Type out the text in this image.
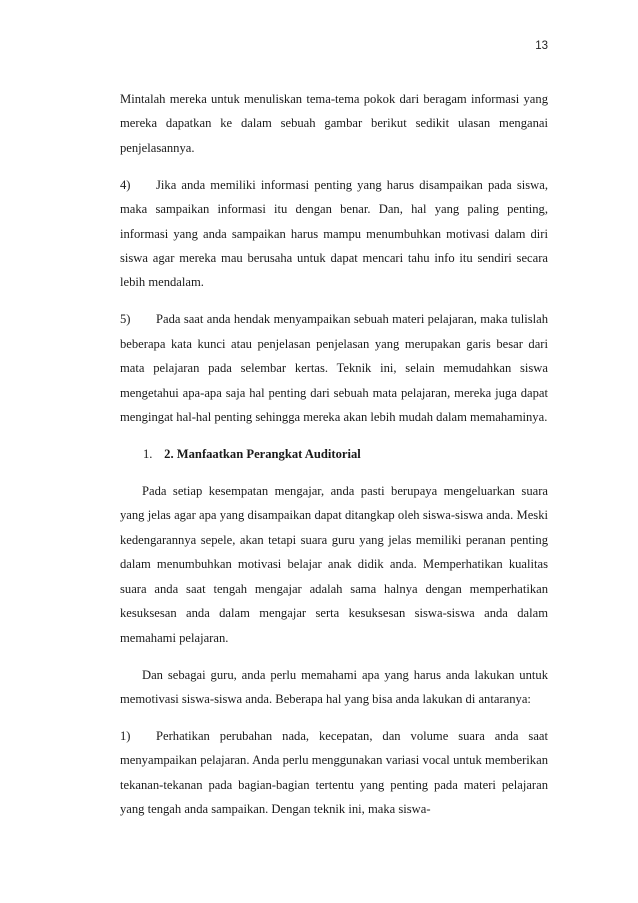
13

Mintalah mereka untuk menuliskan tema-tema pokok dari beragam informasi yang mereka dapatkan ke dalam sebuah gambar berikut sedikit ulasan menganai penjelasannya.

4) Jika anda memiliki informasi penting yang harus disampaikan pada siswa, maka sampaikan informasi itu dengan benar. Dan, hal yang paling penting, informasi yang anda sampaikan harus mampu menumbuhkan motivasi dalam diri siswa agar mereka mau berusaha untuk dapat mencari tahu info itu sendiri secara lebih mendalam.

5) Pada saat anda hendak menyampaikan sebuah materi pelajaran, maka tulislah beberapa kata kunci atau penjelasan penjelasan yang merupakan garis besar dari mata pelajaran pada selembar kertas. Teknik ini, selain memudahkan siswa mengetahui apa-apa saja hal penting dari sebuah mata pelajaran, mereka juga dapat mengingat hal-hal penting sehingga mereka akan lebih mudah dalam memahaminya.

1. 2. Manfaatkan Perangkat Auditorial

Pada setiap kesempatan mengajar, anda pasti berupaya mengeluarkan suara yang jelas agar apa yang disampaikan dapat ditangkap oleh siswa-siswa anda. Meski kedengarannya sepele, akan tetapi suara guru yang jelas memiliki peranan penting dalam menumbuhkan motivasi belajar anak didik anda. Memperhatikan kualitas suara anda saat tengah mengajar adalah sama halnya dengan memperhatikan kesuksesan anda dalam mengajar serta kesuksesan siswa-siswa anda dalam memahami pelajaran.

Dan sebagai guru, anda perlu memahami apa yang harus anda lakukan untuk memotivasi siswa-siswa anda. Beberapa hal yang bisa anda lakukan di antaranya:

1) Perhatikan perubahan nada, kecepatan, dan volume suara anda saat menyampaikan pelajaran. Anda perlu menggunakan variasi vocal untuk memberikan tekanan-tekanan pada bagian-bagian tertentu yang penting pada materi pelajaran yang tengah anda sampaikan. Dengan teknik ini, maka siswa-
